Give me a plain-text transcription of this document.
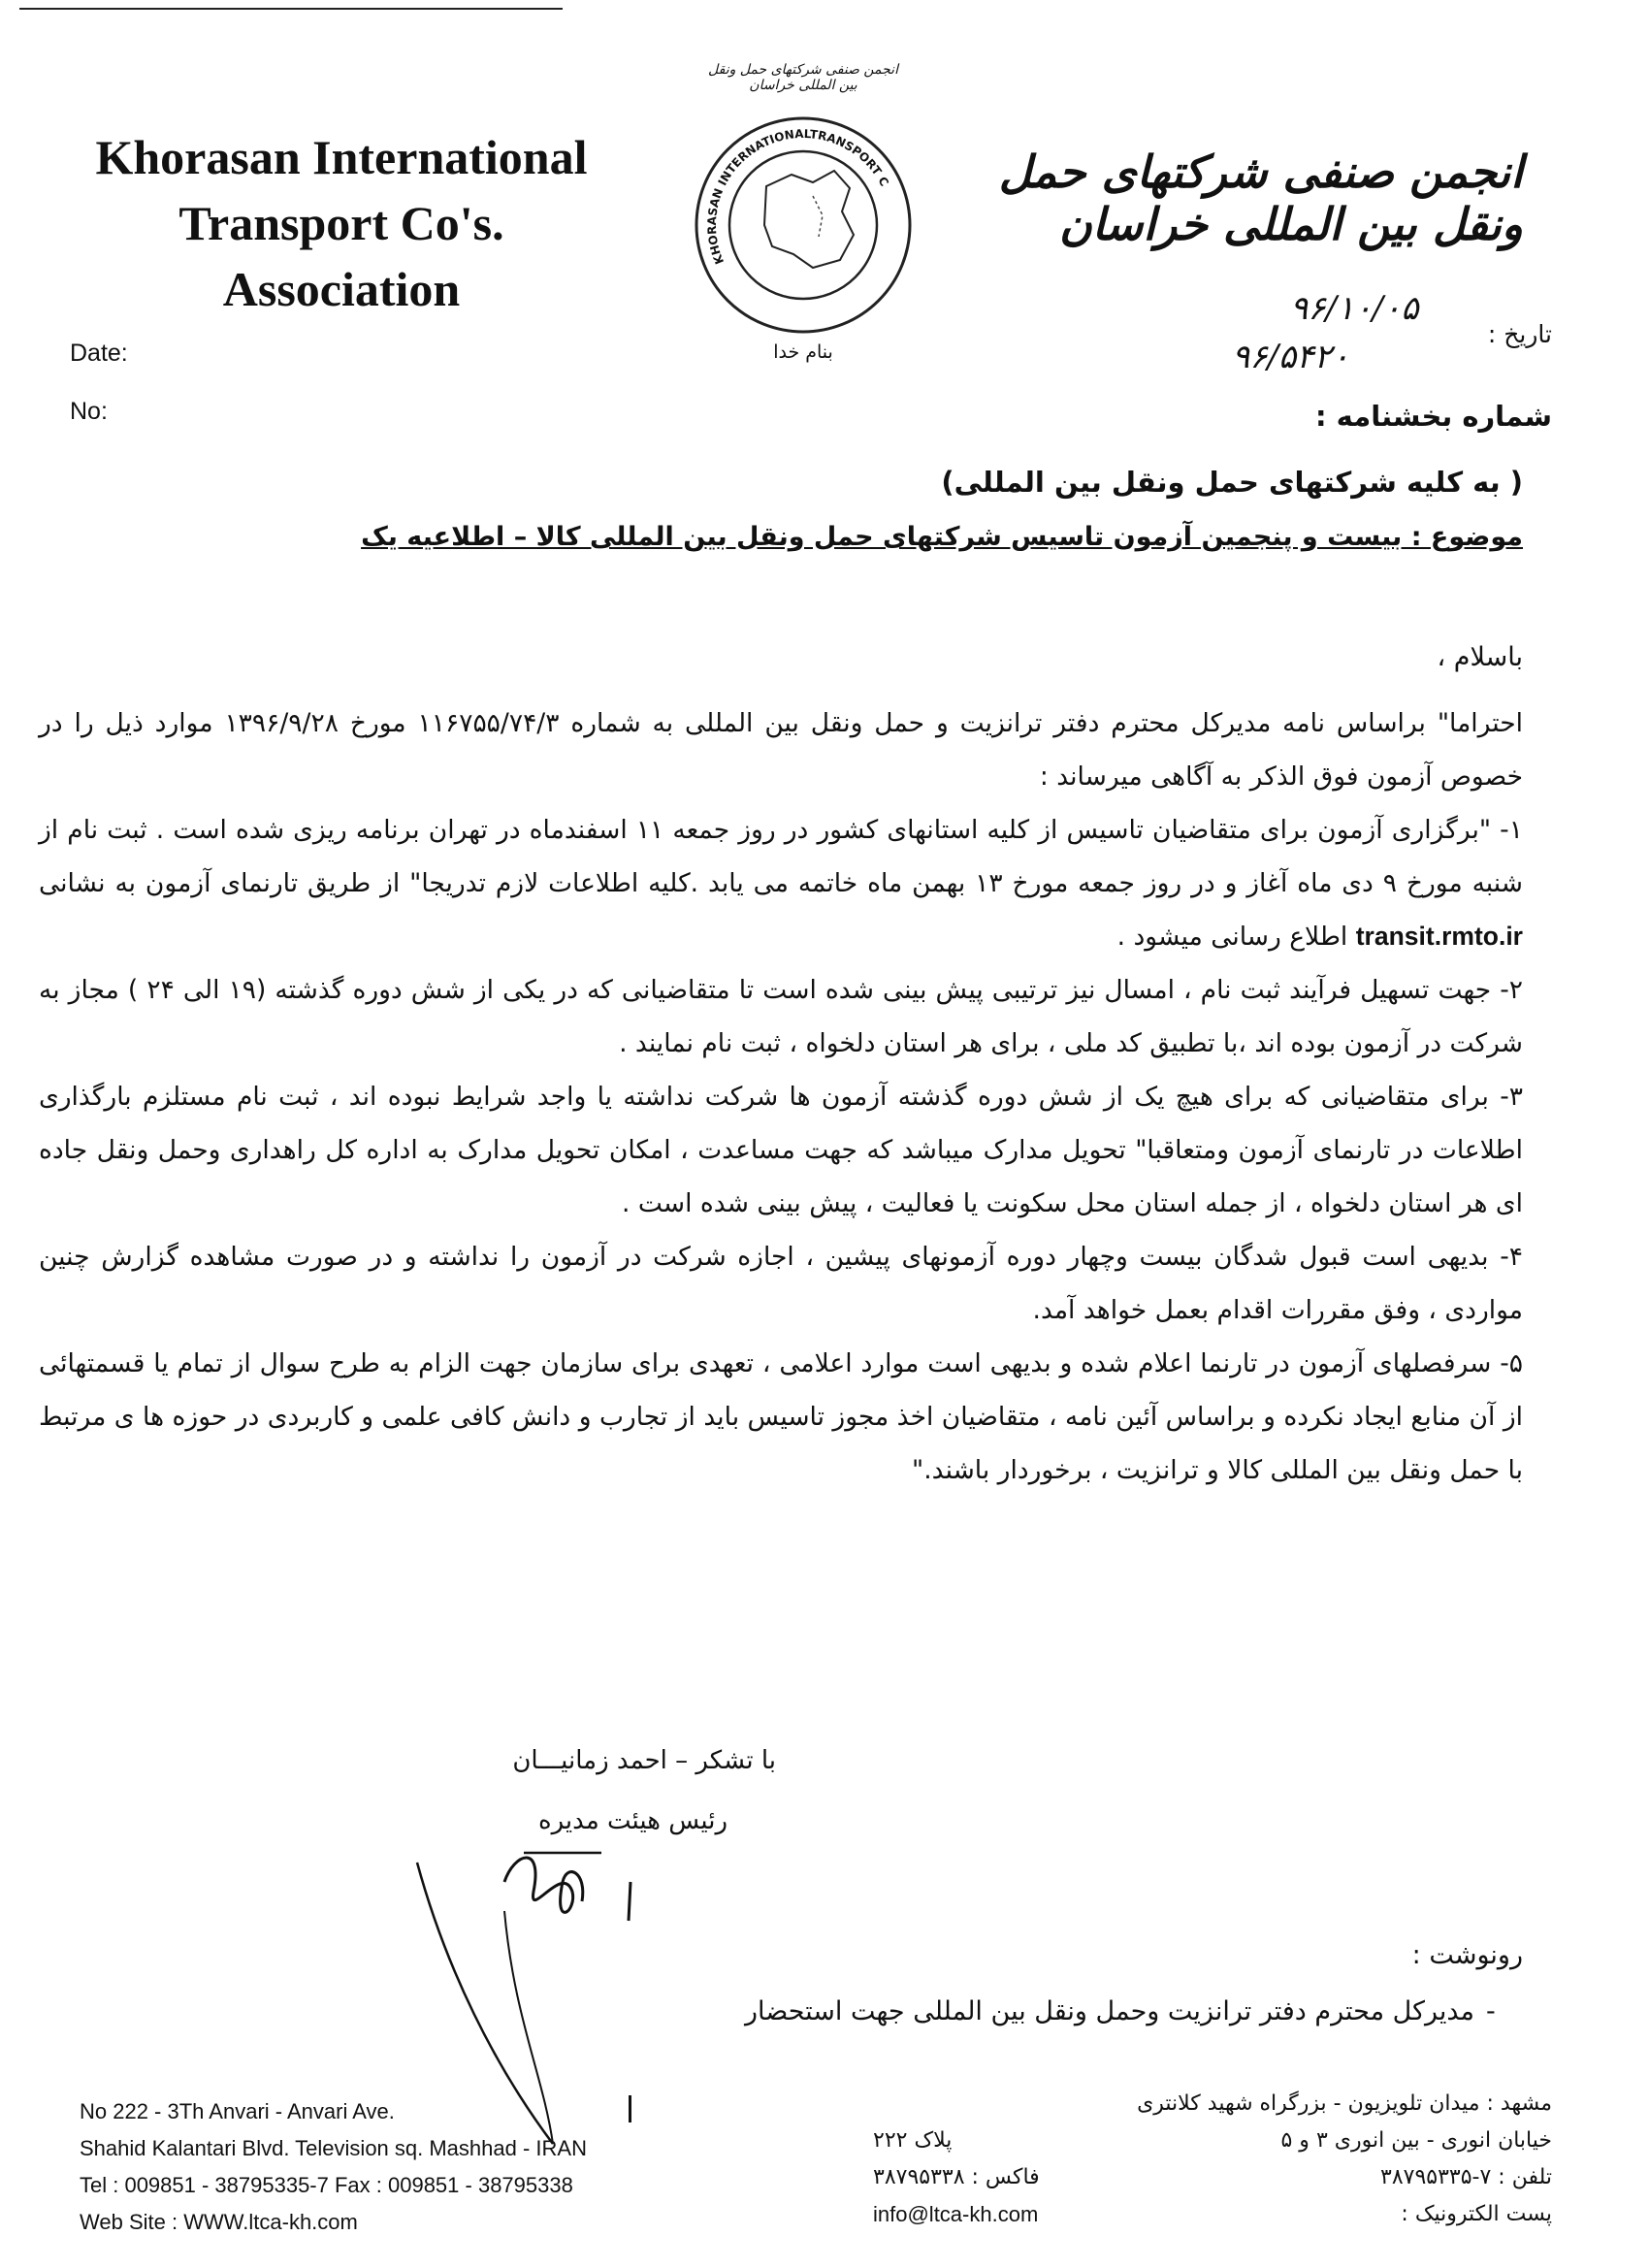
Khorasan International
Transport Co's. Association
KHORASAN INTERNATIONALTRANSPORT CO
انجمن صنفی شرکتهای حمل ونقل بین المللی خراسان
بنام خدا
انجمن صنفی شرکتهای حمل ونقل بین المللی خراسان
Date:
No:
تاریخ :
۹۶/۱۰/۰۵
۹۶/۵۴۲۰
شماره بخشنامه :
( به کلیه شرکتهای حمل ونقل بین المللی)
موضوع : بیست و پنجمین آزمون تاسیس شرکتهای حمل ونقل بین المللی کالا – اطلاعیه یک
باسلام ،
احتراما" براساس نامه مدیرکل محترم دفتر ترانزیت و حمل ونقل بین المللی به شماره ۱۱۶۷۵۵/۷۴/۳ مورخ ۱۳۹۶/۹/۲۸ موارد ذیل را در خصوص آزمون فوق الذکر به آگاهی میرساند :
۱- "برگزاری آزمون برای متقاضیان تاسیس از کلیه استانهای کشور در روز جمعه ۱۱ اسفندماه در تهران برنامه ریزی شده است . ثبت نام از شنبه مورخ ۹ دی ماه آغاز و در روز جمعه مورخ ۱۳ بهمن ماه خاتمه می یابد .کلیه اطلاعات لازم تدریجا" از طریق تارنمای آزمون به نشانی transit.rmto.ir اطلاع رسانی میشود .
۲- جهت تسهیل فرآیند ثبت نام ، امسال نیز ترتیبی پیش بینی شده است تا متقاضیانی که در یکی از شش دوره گذشته (۱۹ الی ۲۴ ) مجاز به شرکت در آزمون بوده اند ،با تطبیق کد ملی ، برای هر استان دلخواه ، ثبت نام نمایند .
۳- برای متقاضیانی که برای هیچ یک از شش دوره گذشته آزمون ها شرکت نداشته یا واجد شرایط نبوده اند ، ثبت نام مستلزم بارگذاری اطلاعات در تارنمای آزمون ومتعاقبا" تحویل مدارک میباشد که جهت مساعدت ، امکان تحویل مدارک به اداره کل راهداری وحمل ونقل جاده ای هر استان دلخواه ، از جمله استان محل سکونت یا فعالیت ، پیش بینی شده است .
۴- بدیهی است قبول شدگان بیست وچهار دوره آزمونهای پیشین ، اجازه شرکت در آزمون را نداشته و در صورت مشاهده گزارش چنین مواردی ، وفق مقررات اقدام بعمل خواهد آمد.
۵- سرفصلهای آزمون در تارنما اعلام شده و بدیهی است موارد اعلامی ، تعهدی برای سازمان جهت الزام به طرح سوال از تمام یا قسمتهائی از آن منابع ایجاد نکرده و براساس آئین نامه ، متقاضیان اخذ مجوز تاسیس باید از تجارب و دانش کافی علمی و کاربردی در حوزه ها ی مرتبط با حمل ونقل بین المللی کالا و ترانزیت ، برخوردار باشند."
با تشکر – احمد زمانیـــان
رئیس هیئت مدیره
رونوشت :
مدیرکل محترم دفتر ترانزیت وحمل ونقل بین المللی جهت استحضار -
No 222 - 3Th Anvari - Anvari Ave.
Shahid Kalantari Blvd. Television sq. Mashhad - IRAN
Tel : 009851 - 38795335-7 Fax : 009851 - 38795338
Web Site : WWW.ltca-kh.com
مشهد : میدان تلویزیون - بزرگراه شهید کلانتری
خیابان انوری - بین انوری ۳ و ۵
پلاک ۲۲۲
تلفن : ۷-۳۸۷۹۵۳۳۵
فاکس : ۳۸۷۹۵۳۳۸
پست الکترونیک :
info@ltca-kh.com
